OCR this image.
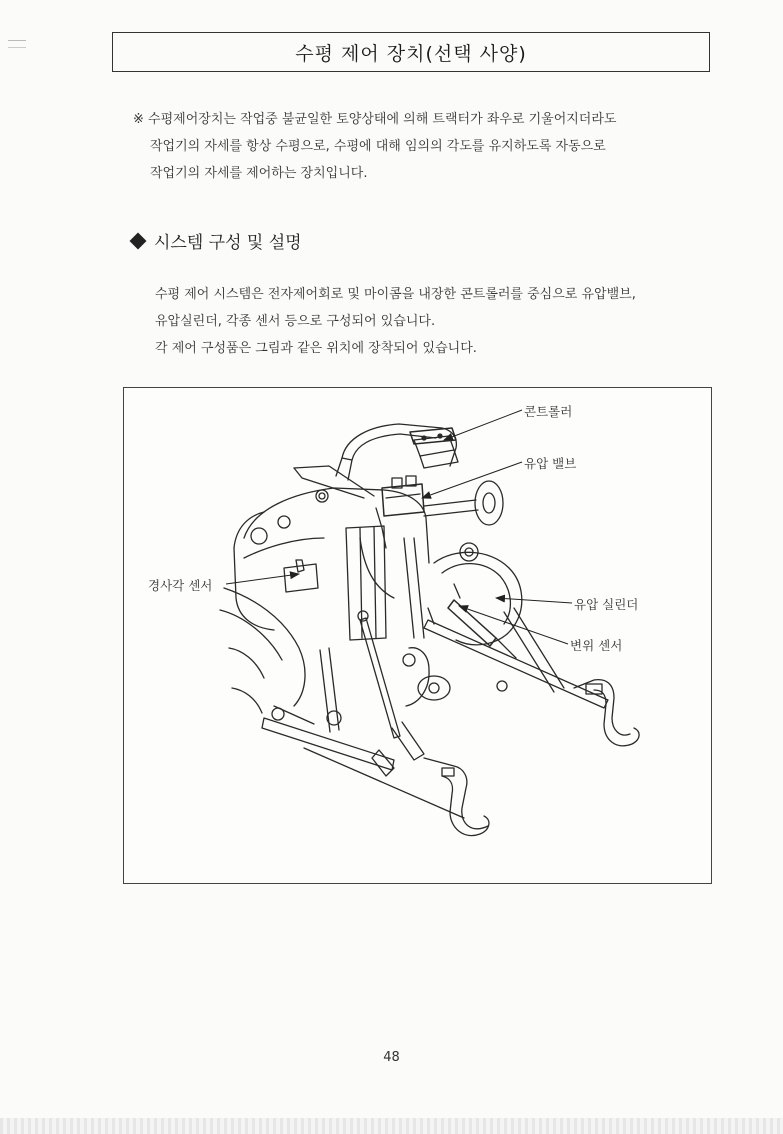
수평 제어 장치(선택 사양)
※ 수평제어장치는 작업중 불균일한 토양상태에 의해 트랙터가 좌우로 기울어지더라도
작업기의 자세를 항상 수평으로, 수평에 대해 임의의 각도를 유지하도록 자동으로
작업기의 자세를 제어하는 장치입니다.
시스템 구성 및 설명
수평 제어 시스템은 전자제어회로 및 마이콤을 내장한 콘트롤러를 중심으로 유압밸브,
유압실린더, 각종 센서 등으로 구성되어 있습니다.
각 제어 구성품은 그림과 같은 위치에 장착되어 있습니다.
콘트롤러
유압 밸브
경사각 센서
유압 실린더
변위 센서
48
